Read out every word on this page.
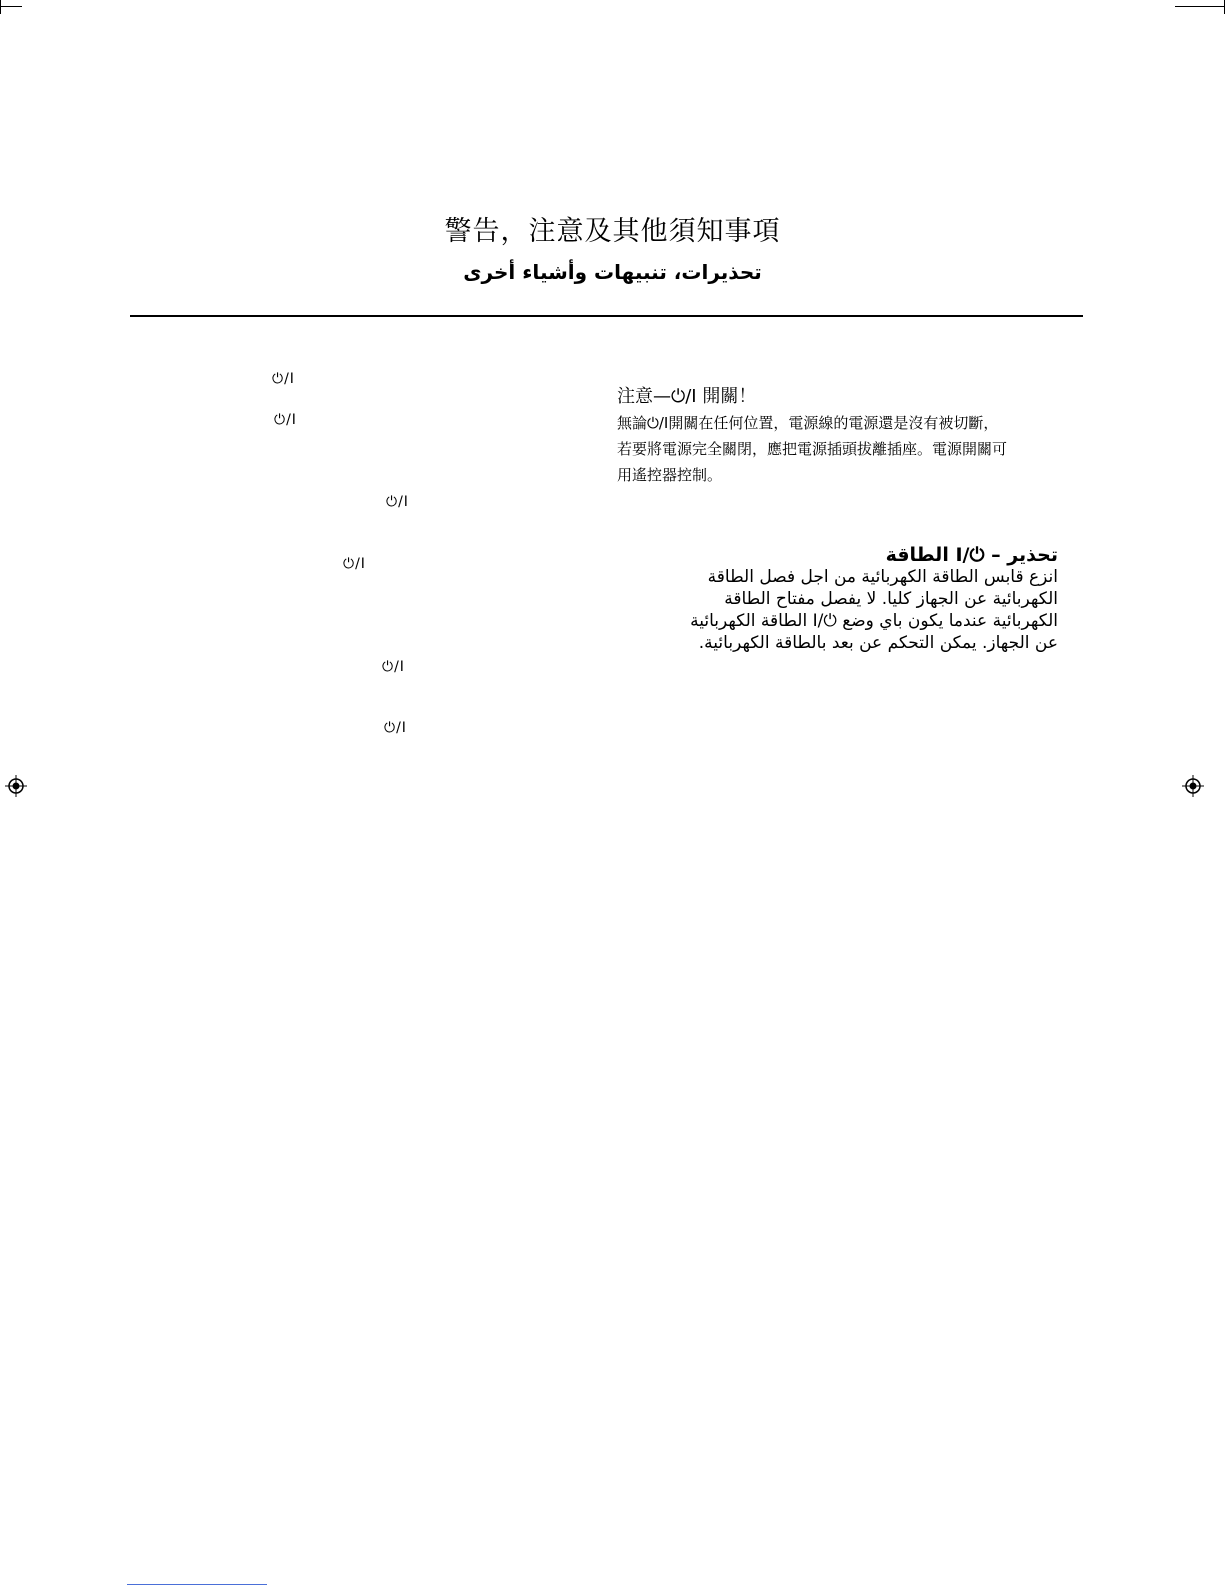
警告，注意及其他須知事項
تحذيرات، تنبيهات وأشياء أخرى
⏻/I
⏻/I
⏻/I
⏻/I
⏻/I
⏻/I
注意—⏻/I 開關！
無論⏻/I開關在任何位置，電源線的電源還是沒有被切斷，
若要將電源完全關閉，應把電源插頭拔離插座。電源開關可
用遙控器控制。
تحذير – ⏻/I الطاقة
انزع قابس الطاقة الكهربائية من اجل فصل الطاقة
الكهربائية عن الجهاز كليا. لا يفصل مفتاح الطاقة
الكهربائية عندما يكون باي وضع ⏻/I الطاقة الكهربائية
عن الجهاز. يمكن التحكم عن بعد بالطاقة الكهربائية.
